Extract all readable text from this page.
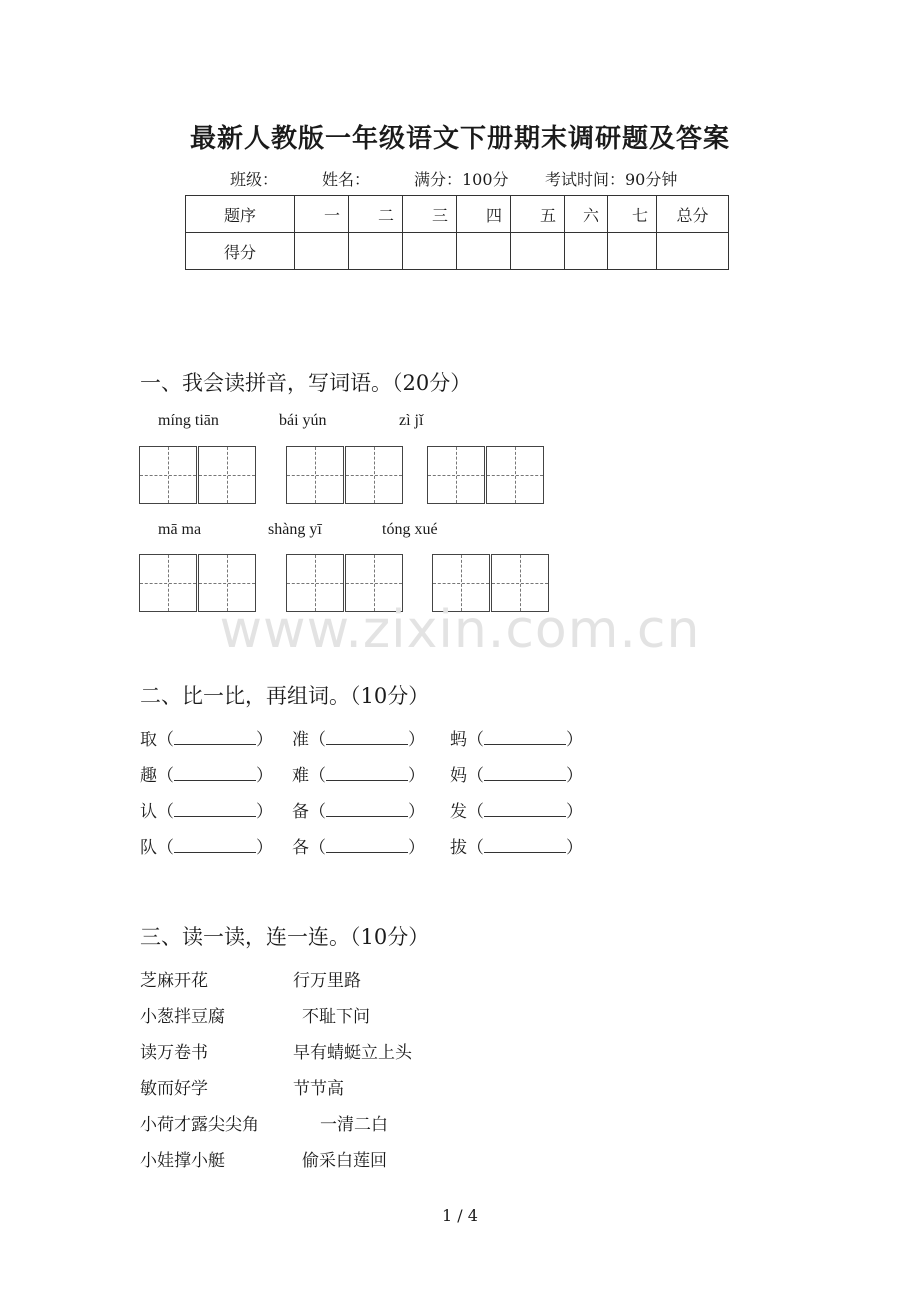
最新人教版一年级语文下册期末调研题及答案
班级：	姓名：	满分：100分 考试时间：90分钟
题序	一	二	三	四	五	六	七	总分
得分								
一、我会读拼音，写词语。（20分）
míng tiān	bái yún	zì jǐ
mā ma	shàng yī	tóng xué
www.zixin.com.cn
二、比一比，再组词。（10分）
取（	） 准（	） 蚂（	）
趣（	） 难（	） 妈（	）
认（	） 备（	） 发（	）
队（	） 各（	） 拔（	）
三、读一读，连一连。（10分）
芝麻开花	行万里路
小葱拌豆腐	不耻下问
读万卷书	早有蜻蜓立上头
敏而好学	节节高
小荷才露尖尖角	一清二白
小娃撑小艇	偷采白莲回
1 / 4
